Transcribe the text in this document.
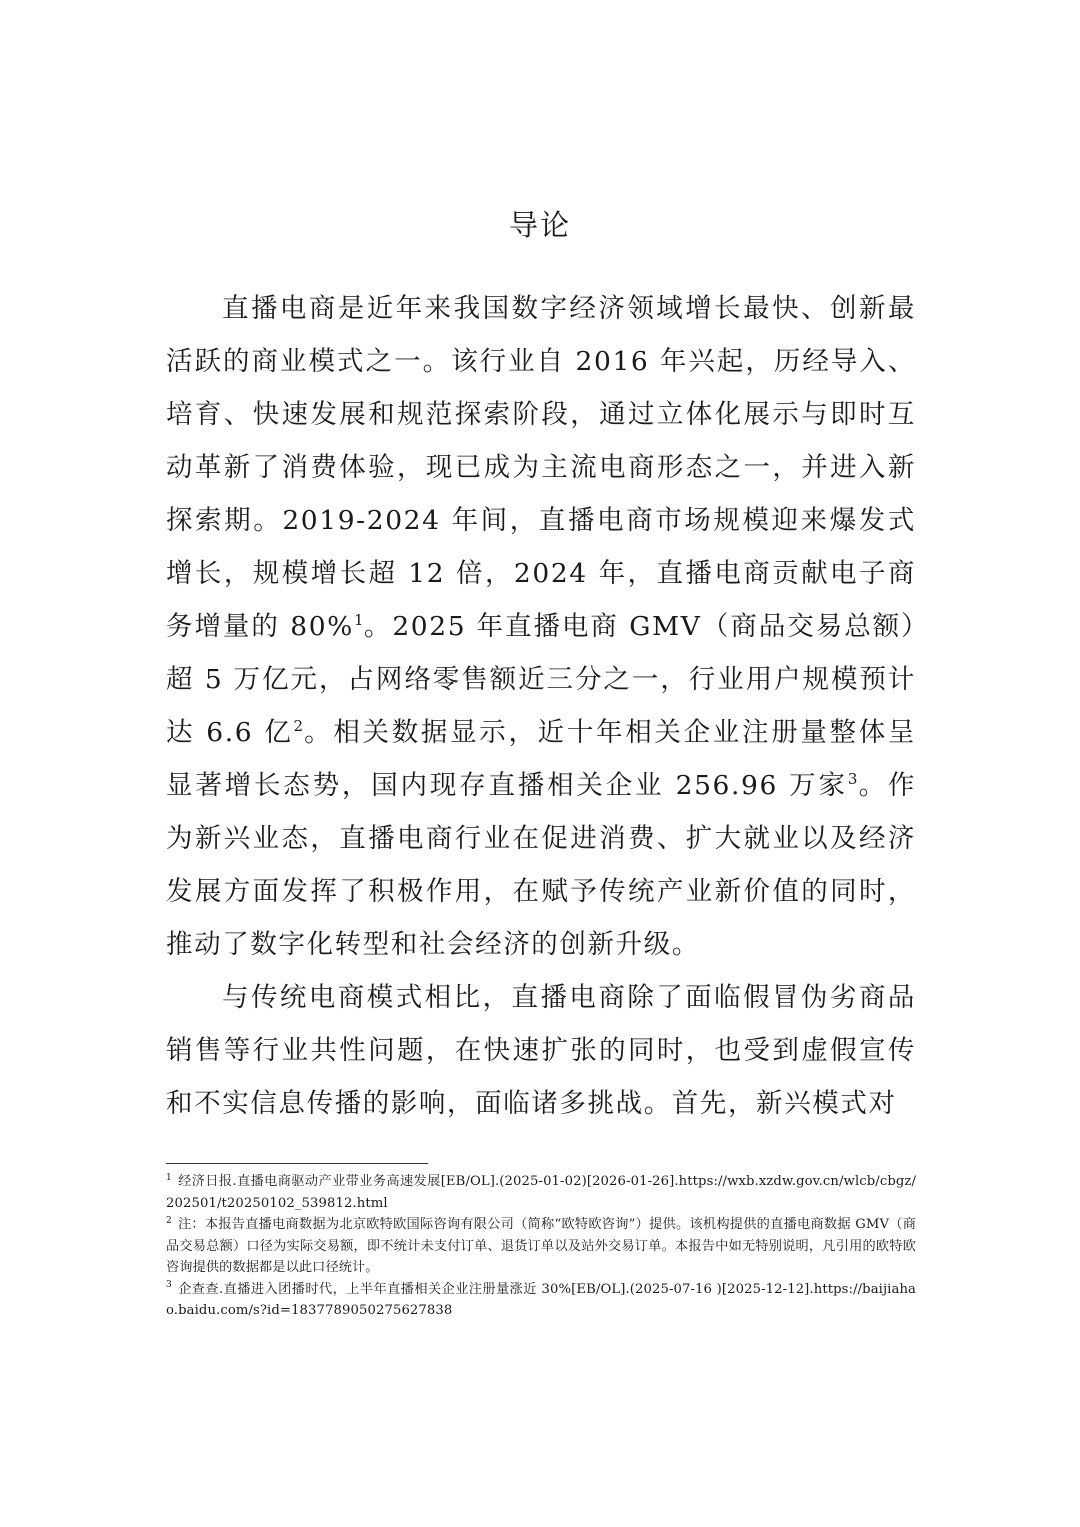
导论

直播电商是近年来我国数字经济领域增长最快、创新最活跃的商业模式之一。该行业自 2016 年兴起，历经导入、培育、快速发展和规范探索阶段，通过立体化展示与即时互动革新了消费体验，现已成为主流电商形态之一，并进入新探索期。2019-2024 年间，直播电商市场规模迎来爆发式增长，规模增长超 12 倍，2024 年，直播电商贡献电子商务增量的 80%$^1$。2025 年直播电商 GMV（商品交易总额）超 5 万亿元，占网络零售额近三分之一，行业用户规模预计达 6.6 亿$^2$。相关数据显示，近十年相关企业注册量整体呈显著增长态势，国内现存直播相关企业 256.96 万家$^3$。作为新兴业态，直播电商行业在促进消费、扩大就业以及经济发展方面发挥了积极作用，在赋予传统产业新价值的同时，推动了数字化转型和社会经济的创新升级。

与传统电商模式相比，直播电商除了面临假冒伪劣商品销售等行业共性问题，在快速扩张的同时，也受到虚假宣传和不实信息传播的影响，面临诸多挑战。首先，新兴模式对

$^1$ 经济日报.直播电商驱动产业带业务高速发展[EB/OL].(2025-01-02)[2026-01-26].https://wxb.xzdw.gov.cn/wlcb/cbgz/202501/t20250102_539812.html

$^2$ 注：本报告直播电商数据为北京欧特欧国际咨询有限公司（简称“欧特欧咨询”）提供。该机构提供的直播电商数据 GMV（商品交易总额）口径为实际交易额，即不统计未支付订单、退货订单以及站外交易订单。本报告中如无特别说明，凡引用的欧特欧咨询提供的数据都是以此口径统计。

$^3$ 企查查.直播进入团播时代，上半年直播相关企业注册量涨近 30%[EB/OL].(2025-07-16 )[2025-12-12].https://baijiahao.baidu.com/s?id=1837789050275627838
